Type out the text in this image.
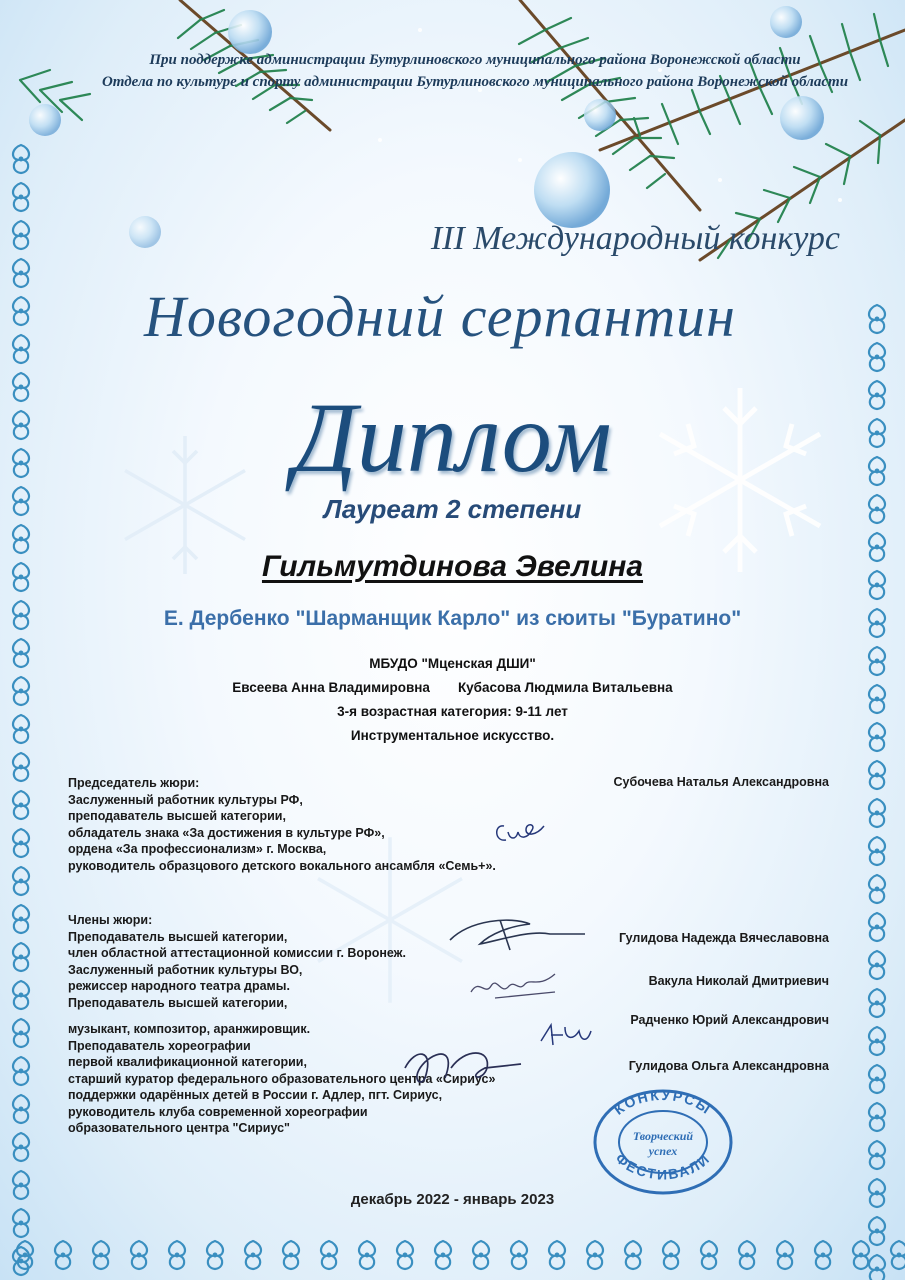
При поддержке администрации Бутурлиновского муниципального района Воронежской области
Отдела по культуре и спорту администрации Бутурлиновского муниципального района Воронежской области
III Международный конкурс
Новогодний серпантин
Диплом
Лауреат 2 степени
Гильмутдинова Эвелина
Е. Дербенко "Шарманщик Карло" из сюиты "Буратино"
МБУДО "Мценская ДШИ"
Евсеева Анна Владимировна Кубасова Людмила Витальевна
3-я возрастная категория: 9-11 лет
Инструментальное искусство.
Председатель жюри:
Заслуженный работник культуры РФ,
преподаватель высшей категории,
обладатель знака «За достижения в культуре РФ»,
ордена «За профессионализм» г. Москва,
руководитель образцового детского вокального ансамбля «Семь+».
Субочева Наталья Александровна
Члены жюри:
Преподаватель высшей категории,
член областной аттестационной комиссии г. Воронеж.
Заслуженный работник культуры ВО,
режиссер народного театра драмы.
Преподаватель высшей категории,
музыкант, композитор, аранжировщик.
Преподаватель хореографии
первой квалификационной категории,
старший куратор федерального образовательного центра «Сириус»
поддержки одарённых детей в России г. Адлер, пгт. Сириус,
руководитель клуба современной хореографии
образовательного центра "Сириус"
Гулидова Надежда Вячеславовна
Вакула Николай Дмитриевич
Радченко Юрий Александрович
Гулидова Ольга Александровна
КОНКУРСЫ
ФЕСТИВАЛИ
Творческий
успех
декабрь 2022 - январь 2023
